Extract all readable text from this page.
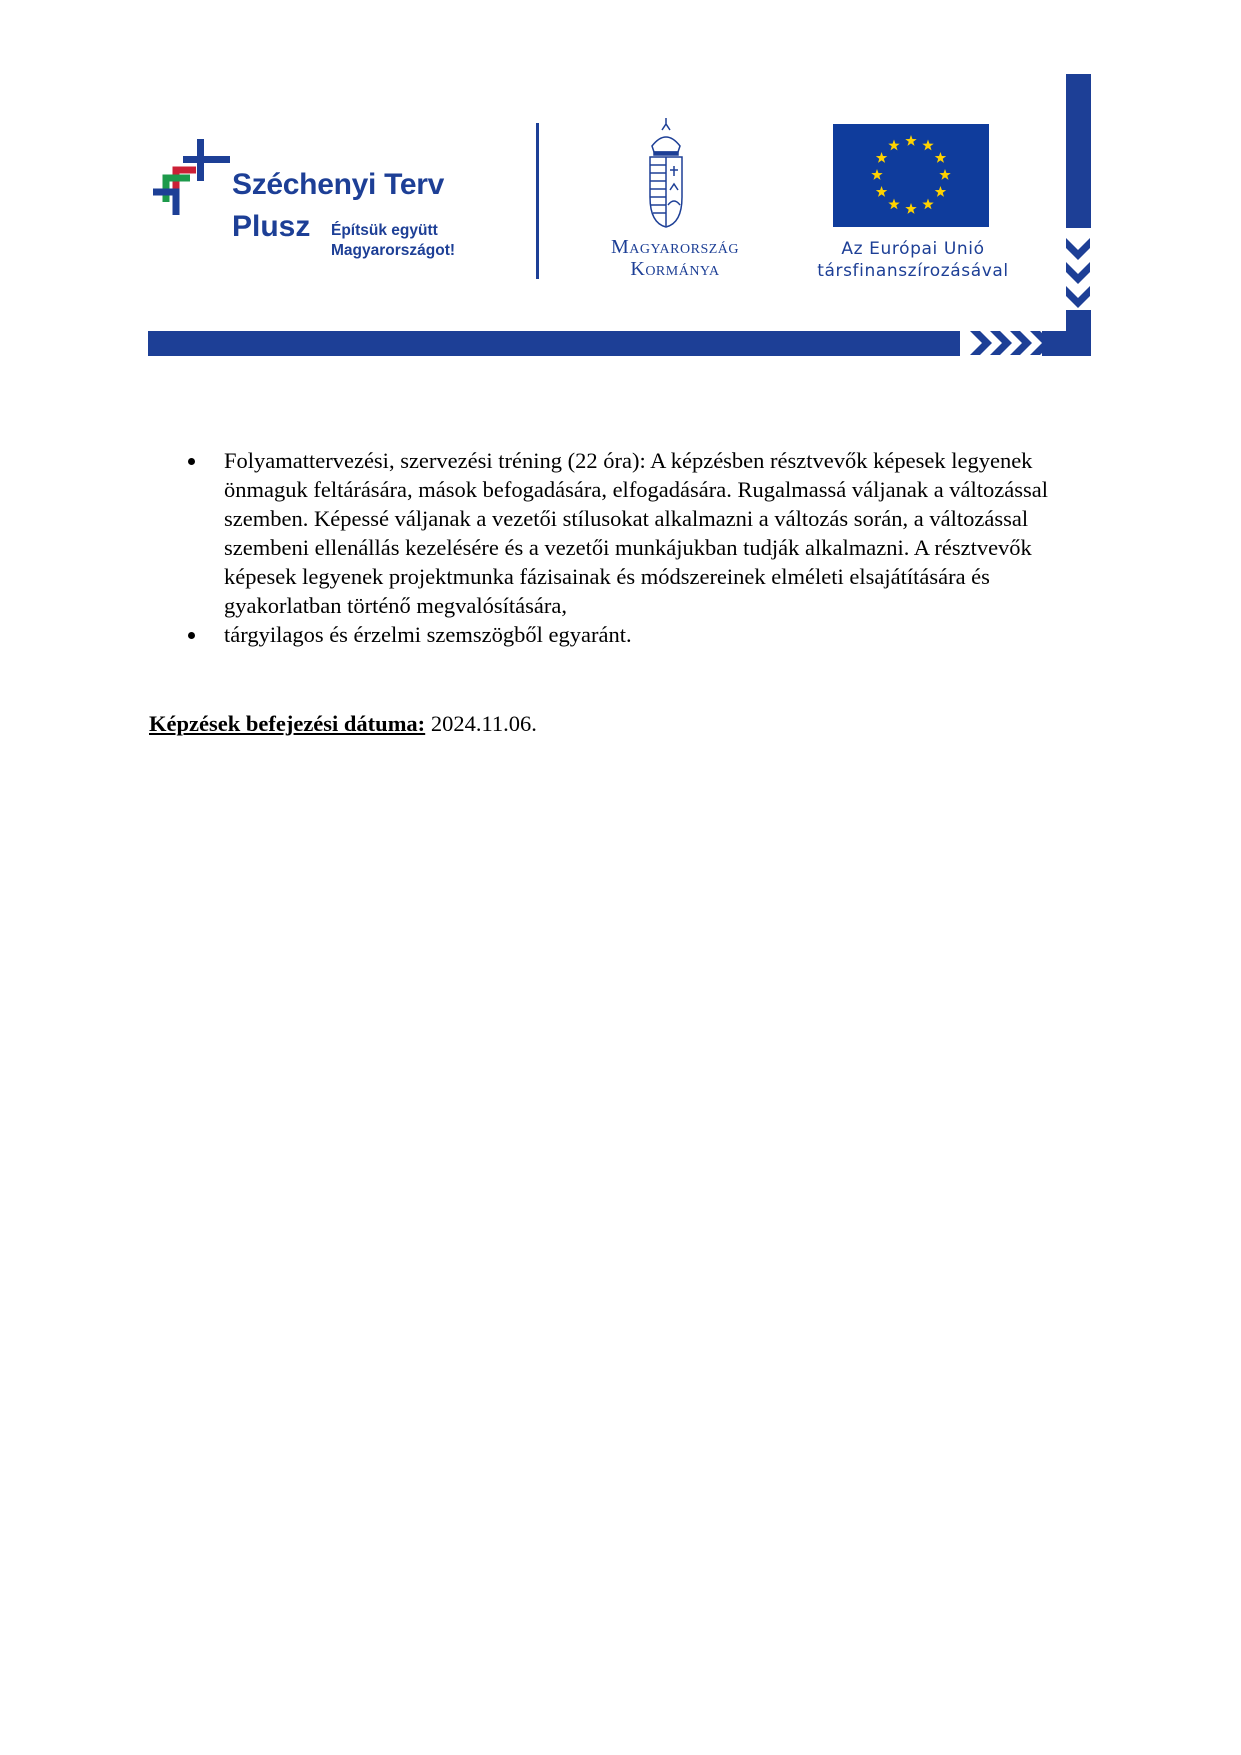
Széchenyi Terv
Plusz Építsük együtt
Magyarországot!	Magyarország
Kormánya
Az Európai Unió
társfinanszírozásával
Folyamattervezési, szervezési tréning (22 óra): A képzésben résztvevők képesek legyenek önmaguk feltárására, mások befogadására, elfogadására. Rugalmassá váljanak a változással szemben. Képessé váljanak a vezetői stílusokat alkalmazni a változás során, a változással szembeni ellenállás kezelésére és a vezetői munkájukban tudják alkalmazni. A résztvevők képesek legyenek projektmunka fázisainak és módszereinek elméleti elsajátítására és gyakorlatban történő megvalósítására,
tárgyilagos és érzelmi szemszögből egyaránt.
Képzések befejezési dátuma: 2024.11.06.
